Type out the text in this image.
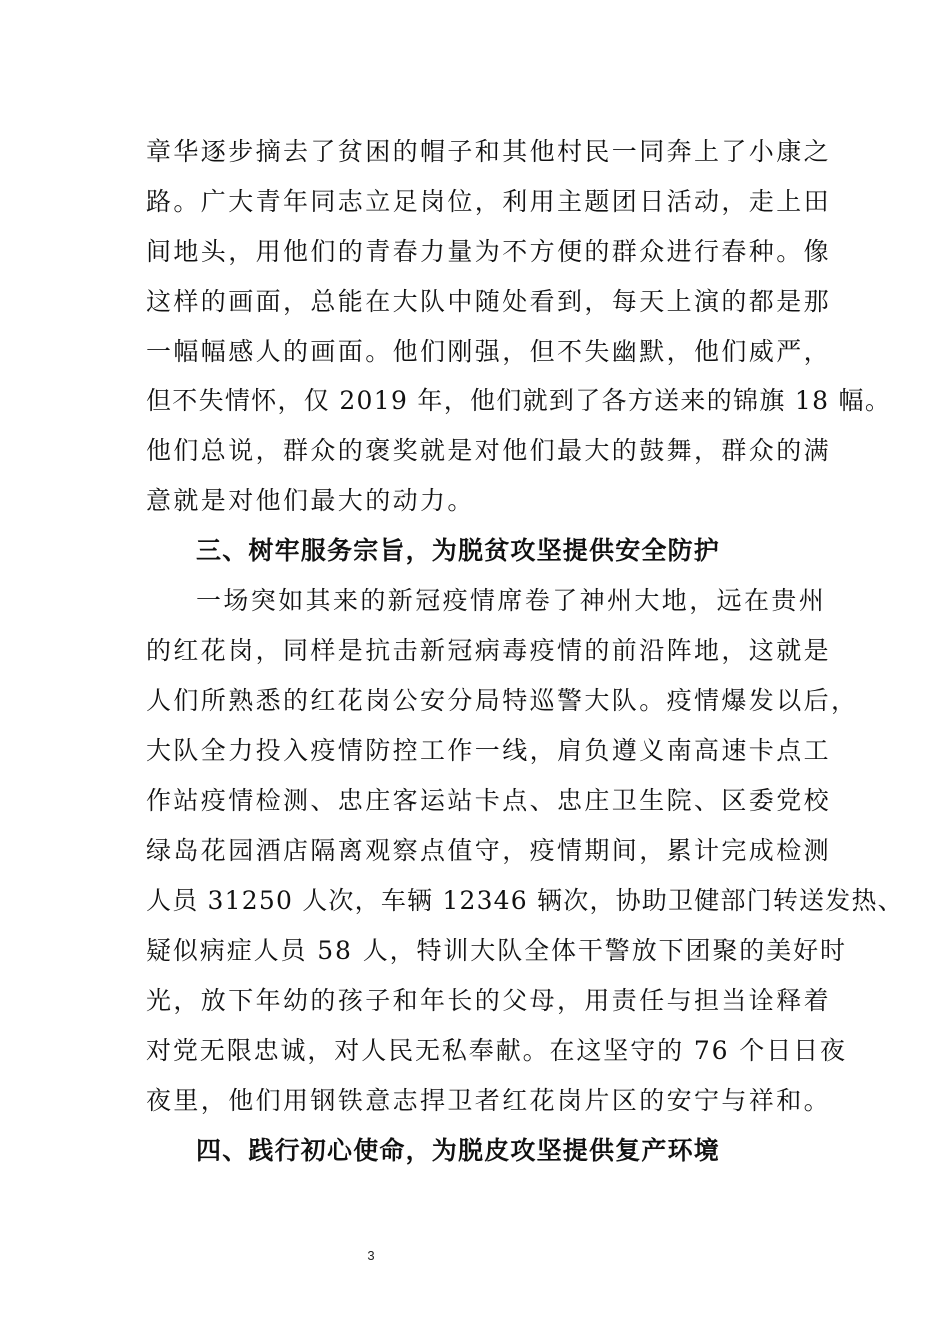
章华逐步摘去了贫困的帽子和其他村民一同奔上了小康之
路。广大青年同志立足岗位，利用主题团日活动，走上田
间地头，用他们的青春力量为不方便的群众进行春种。像
这样的画面，总能在大队中随处看到，每天上演的都是那
一幅幅感人的画面。他们刚强，但不失幽默，他们威严，
但不失情怀，仅 2019 年，他们就到了各方送来的锦旗 18 幅。
他们总说，群众的褒奖就是对他们最大的鼓舞，群众的满
意就是对他们最大的动力。
三、树牢服务宗旨，为脱贫攻坚提供安全防护
一场突如其来的新冠疫情席卷了神州大地，远在贵州
的红花岗，同样是抗击新冠病毒疫情的前沿阵地，这就是
人们所熟悉的红花岗公安分局特巡警大队。疫情爆发以后，
大队全力投入疫情防控工作一线，肩负遵义南高速卡点工
作站疫情检测、忠庄客运站卡点、忠庄卫生院、区委党校
绿岛花园酒店隔离观察点值守，疫情期间，累计完成检测
人员 31250 人次，车辆 12346 辆次，协助卫健部门转送发热、
疑似病症人员 58 人，特训大队全体干警放下团聚的美好时
光，放下年幼的孩子和年长的父母，用责任与担当诠释着
对党无限忠诚，对人民无私奉献。在这坚守的 76 个日日夜
夜里，他们用钢铁意志捍卫者红花岗片区的安宁与祥和。
四、践行初心使命，为脱皮攻坚提供复产环境
3
